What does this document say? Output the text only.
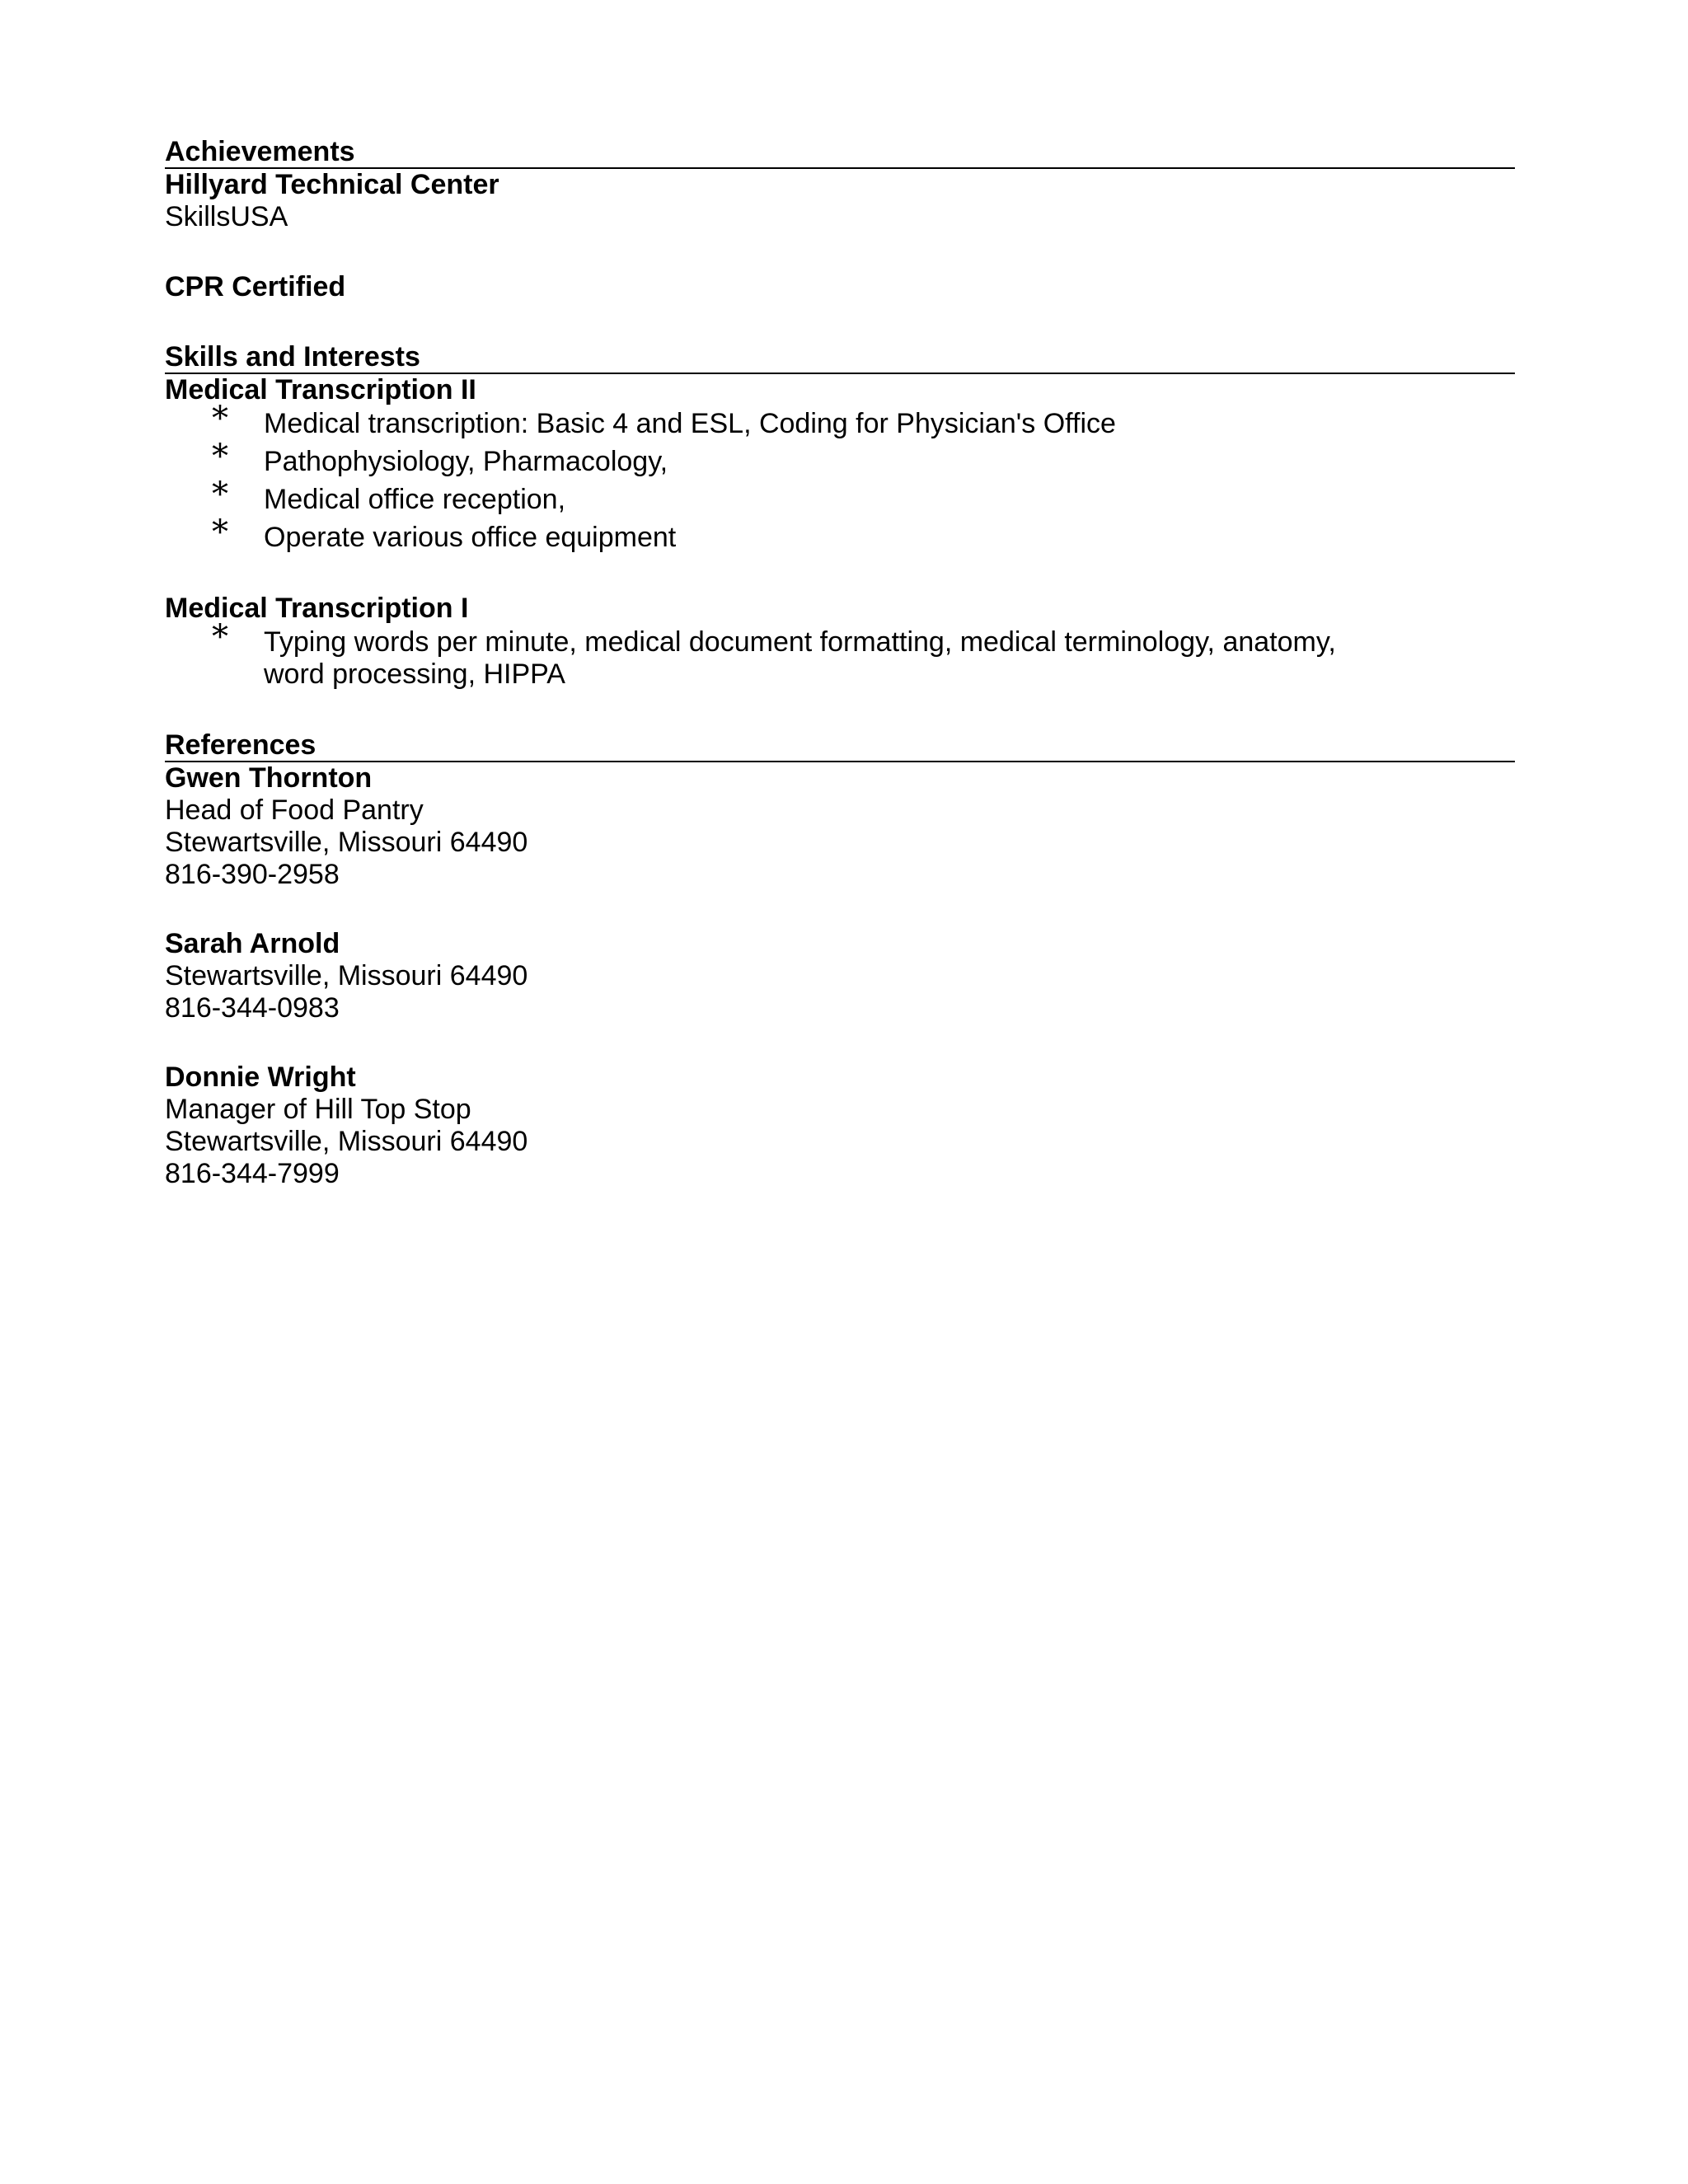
Achievements
Hillyard Technical Center
SkillsUSA
CPR Certified
Skills and Interests
Medical Transcription II
* Medical transcription: Basic 4 and ESL, Coding for Physician's Office
* Pathophysiology, Pharmacology,
* Medical office reception,
* Operate various office equipment
Medical Transcription I
* Typing words per minute, medical document formatting, medical terminology, anatomy, word processing, HIPPA
References
Gwen Thornton
Head of Food Pantry
Stewartsville, Missouri 64490
816-390-2958
Sarah Arnold
Stewartsville, Missouri 64490
816-344-0983
Donnie Wright
Manager of Hill Top Stop
Stewartsville, Missouri 64490
816-344-7999
